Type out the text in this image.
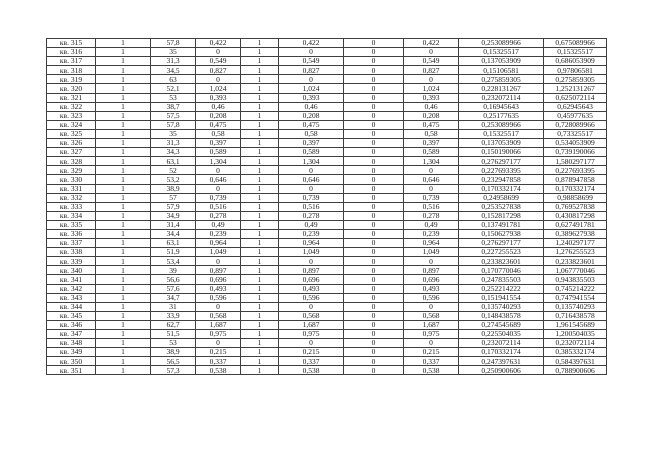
кв. 315	1	57,8	0,422	1	0,422	0	0,422	0,253089966	0,675089966
кв. 316	1	35	0	1	0	0	0	0,15325517	0,15325517
кв. 317	1	31,3	0,549	1	0,549	0	0,549	0,137053909	0,686053909
кв. 318	1	34,5	0,827	1	0,827	0	0,827	0,15106581	0,97806581
кв. 319	1	63	0	1	0	0	0	0,275859305	0,275859305
кв. 320	1	52,1	1,024	1	1,024	0	1,024	0,228131267	1,252131267
кв. 321	1	53	0,393	1	0,393	0	0,393	0,232072114	0,625072114
кв. 322	1	38,7	0,46	1	0,46	0	0,46	0,16945643	0,62945643
кв. 323	1	57,5	0,208	1	0,208	0	0,208	0,25177635	0,45977635
кв. 324	1	57,8	0,475	1	0,475	0	0,475	0,253089966	0,728089966
кв. 325	1	35	0,58	1	0,58	0	0,58	0,15325517	0,73325517
кв. 326	1	31,3	0,397	1	0,397	0	0,397	0,137053909	0,534053909
кв. 327	1	34,3	0,589	1	0,589	0	0,589	0,150190066	0,739190066
кв. 328	1	63,1	1,304	1	1,304	0	1,304	0,276297177	1,580297177
кв. 329	1	52	0	1	0	0	0	0,227693395	0,227693395
кв. 330	1	53,2	0,646	1	0,646	0	0,646	0,232947858	0,878947858
кв. 331	1	38,9	0	1	0	0	0	0,170332174	0,170332174
кв. 332	1	57	0,739	1	0,739	0	0,739	0,24958699	0,98858699
кв. 333	1	57,9	0,516	1	0,516	0	0,516	0,253527838	0,769527838
кв. 334	1	34,9	0,278	1	0,278	0	0,278	0,152817298	0,430817298
кв. 335	1	31,4	0,49	1	0,49	0	0,49	0,137491781	0,627491781
кв. 336	1	34,4	0,239	1	0,239	0	0,239	0,150627938	0,389627938
кв. 337	1	63,1	0,964	1	0,964	0	0,964	0,276297177	1,240297177
кв. 338	1	51,9	1,049	1	1,049	0	1,049	0,227255523	1,276255523
кв. 339	1	53,4	0	1	0	0	0	0,233823601	0,233823601
кв. 340	1	39	0,897	1	0,897	0	0,897	0,170770046	1,067770046
кв. 341	1	56,6	0,696	1	0,696	0	0,696	0,247835503	0,943835503
кв. 342	1	57,6	0,493	1	0,493	0	0,493	0,252214222	0,745214222
кв. 343	1	34,7	0,596	1	0,596	0	0,596	0,151941554	0,747941554
кв. 344	1	31	0	1	0	0	0	0,135740293	0,135740293
кв. 345	1	33,9	0,568	1	0,568	0	0,568	0,148438578	0,716438578
кв. 346	1	62,7	1,687	1	1,687	0	1,687	0,274545689	1,961545689
кв. 347	1	51,5	0,975	1	0,975	0	0,975	0,225504035	1,200504035
кв. 348	1	53	0	1	0	0	0	0,232072114	0,232072114
кв. 349	1	38,9	0,215	1	0,215	0	0,215	0,170332174	0,385332174
кв. 350	1	56,5	0,337	1	0,337	0	0,337	0,247397631	0,584397631
кв. 351	1	57,3	0,538	1	0,538	0	0,538	0,250900606	0,788900606
